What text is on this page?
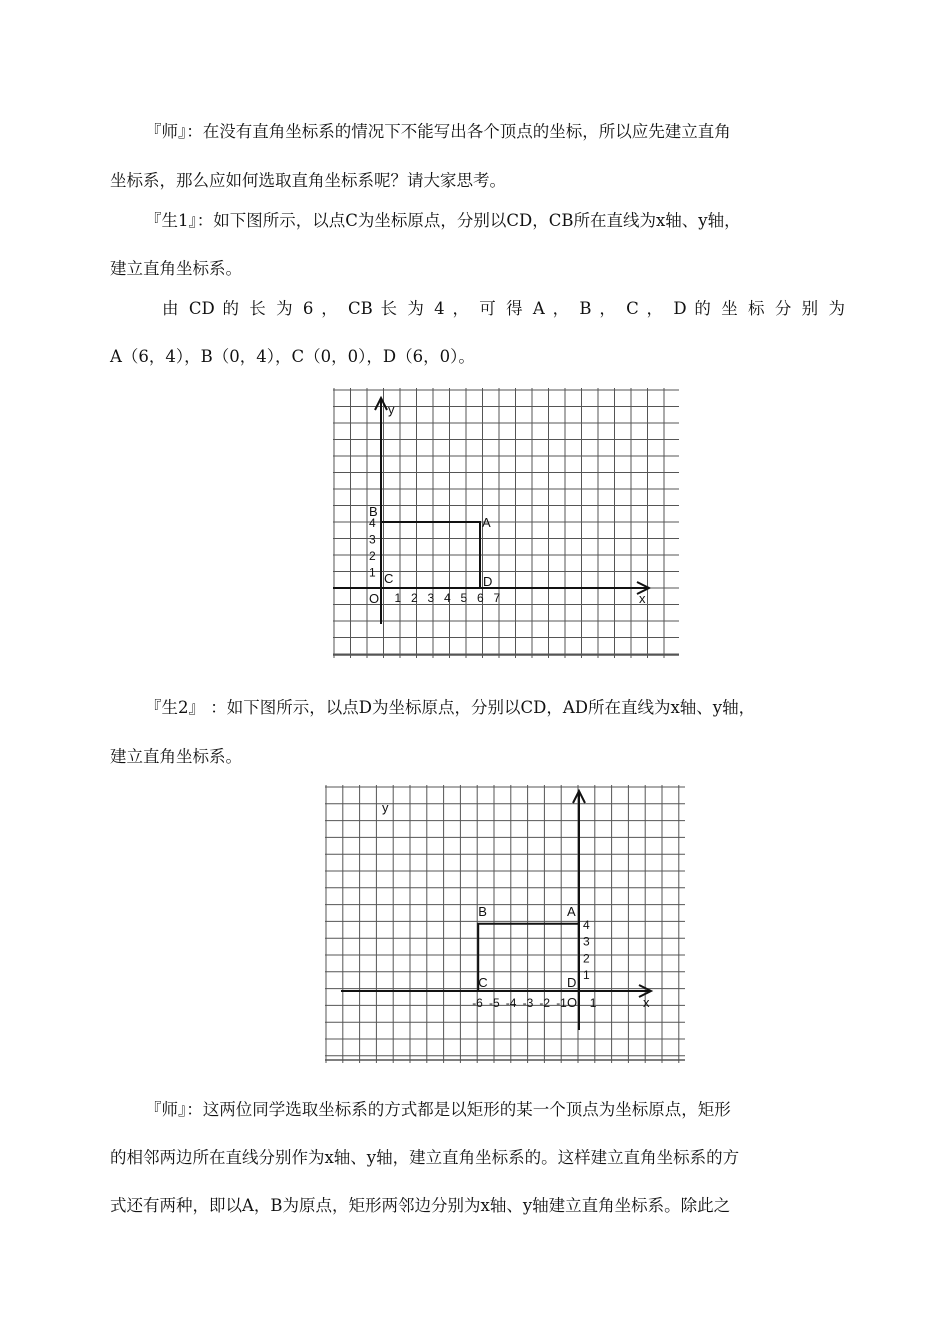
『师』：在没有直角坐标系的情况下不能写出各个顶点的坐标，所以应先建立直角
坐标系，那么应如何选取直角坐标系呢？请大家思考。
『生1』：如下图所示，以点C为坐标原点，分别以CD，CB所在直线为x轴、y轴，
建立直角坐标系。
由 CD 的 长 为 6 ， CB 长 为 4 ， 可 得 A ， B ， C ， D 的 坐 标 分 别 为
A（6，4），B（0，4），C（0，0），D（6，0）。
A
B
C	D
1 2 3 4 5 6 7
1
2
3
4
x
y
O
『生2』 ：如下图所示，以点D为坐标原点，分别以CD，AD所在直线为x轴、y轴，
建立直角坐标系。
A
B
C	D
-6 -5 -4 -3 -2 -1 1
1
2
3
4
x
y
O
『师』：这两位同学选取坐标系的方式都是以矩形的某一个顶点为坐标原点，矩形
的相邻两边所在直线分别作为x轴、y轴，建立直角坐标系的。这样建立直角坐标系的方
式还有两种，即以A，B为原点，矩形两邻边分别为x轴、y轴建立直角坐标系。除此之
